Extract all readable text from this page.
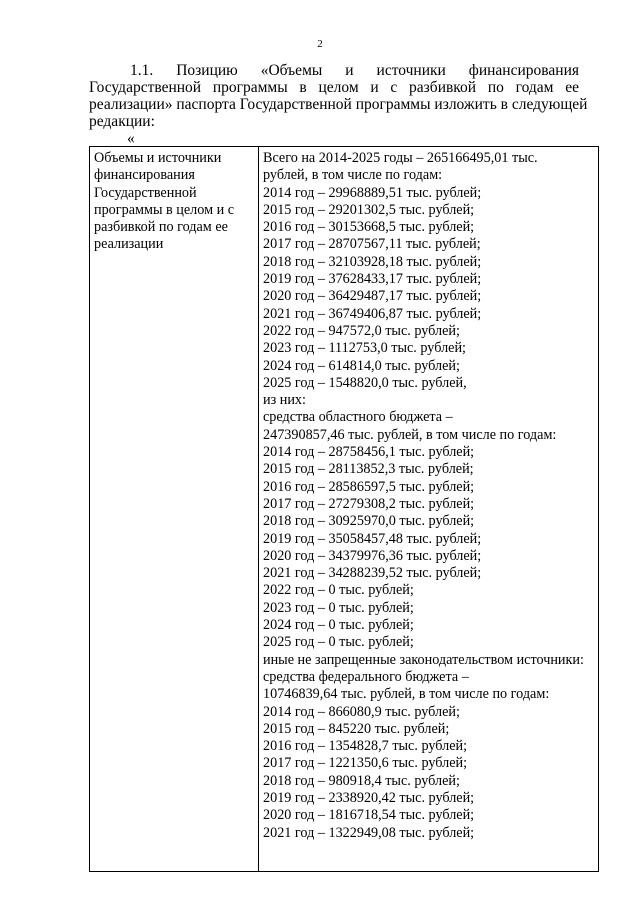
2
1.1. Позицию «Объемы и источники финансирования
Государственной программы в целом и с разбивкой по годам ее
реализации» паспорта Государственной программы изложить в следующей
редакции:
«
Объемы и источники финансирования Государственной программы в целом и с разбивкой по годам ее реализации
Всего на 2014-2025 годы – 265166495,01 тыс.
рублей, в том числе по годам:
2014 год – 29968889,51 тыс. рублей;
2015 год – 29201302,5 тыс. рублей;
2016 год – 30153668,5 тыс. рублей;
2017 год – 28707567,11 тыс. рублей;
2018 год – 32103928,18 тыс. рублей;
2019 год – 37628433,17 тыс. рублей;
2020 год – 36429487,17 тыс. рублей;
2021 год – 36749406,87 тыс. рублей;
2022 год – 947572,0 тыс. рублей;
2023 год – 1112753,0 тыс. рублей;
2024 год – 614814,0 тыс. рублей;
2025 год – 1548820,0 тыс. рублей,
из них:
средства областного бюджета –
247390857,46 тыс. рублей, в том числе по годам:
2014 год – 28758456,1 тыс. рублей;
2015 год – 28113852,3 тыс. рублей;
2016 год – 28586597,5 тыс. рублей;
2017 год – 27279308,2 тыс. рублей;
2018 год – 30925970,0 тыс. рублей;
2019 год – 35058457,48 тыс. рублей;
2020 год – 34379976,36 тыс. рублей;
2021 год – 34288239,52 тыс. рублей;
2022 год – 0 тыс. рублей;
2023 год – 0 тыс. рублей;
2024 год – 0 тыс. рублей;
2025 год – 0 тыс. рублей;
иные не запрещенные законодательством источники:
средства федерального бюджета –
10746839,64 тыс. рублей, в том числе по годам:
2014 год – 866080,9 тыс. рублей;
2015 год – 845220 тыс. рублей;
2016 год – 1354828,7 тыс. рублей;
2017 год – 1221350,6 тыс. рублей;
2018 год – 980918,4 тыс. рублей;
2019 год – 2338920,42 тыс. рублей;
2020 год – 1816718,54 тыс. рублей;
2021 год – 1322949,08 тыс. рублей;
